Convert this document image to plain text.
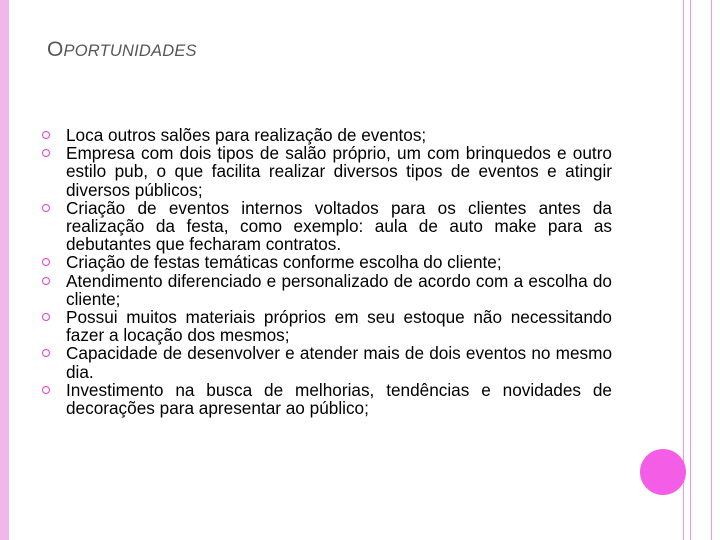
OPORTUNIDADES
Loca outros salões para realização de eventos;
Empresa com dois tipos de salão próprio, um com brinquedos e outro estilo pub, o que facilita realizar diversos tipos de eventos e atingir diversos públicos;
Criação de eventos internos voltados para os clientes antes da realização da festa, como exemplo: aula de auto make para as debutantes que fecharam contratos.
Criação de festas temáticas conforme escolha do cliente;
Atendimento diferenciado e personalizado de acordo com a escolha do cliente;
Possui muitos materiais próprios em seu estoque não necessitando fazer a locação dos mesmos;
Capacidade de desenvolver e atender mais de dois eventos no mesmo dia.
Investimento na busca de melhorias, tendências e novidades de decorações para apresentar ao público;
